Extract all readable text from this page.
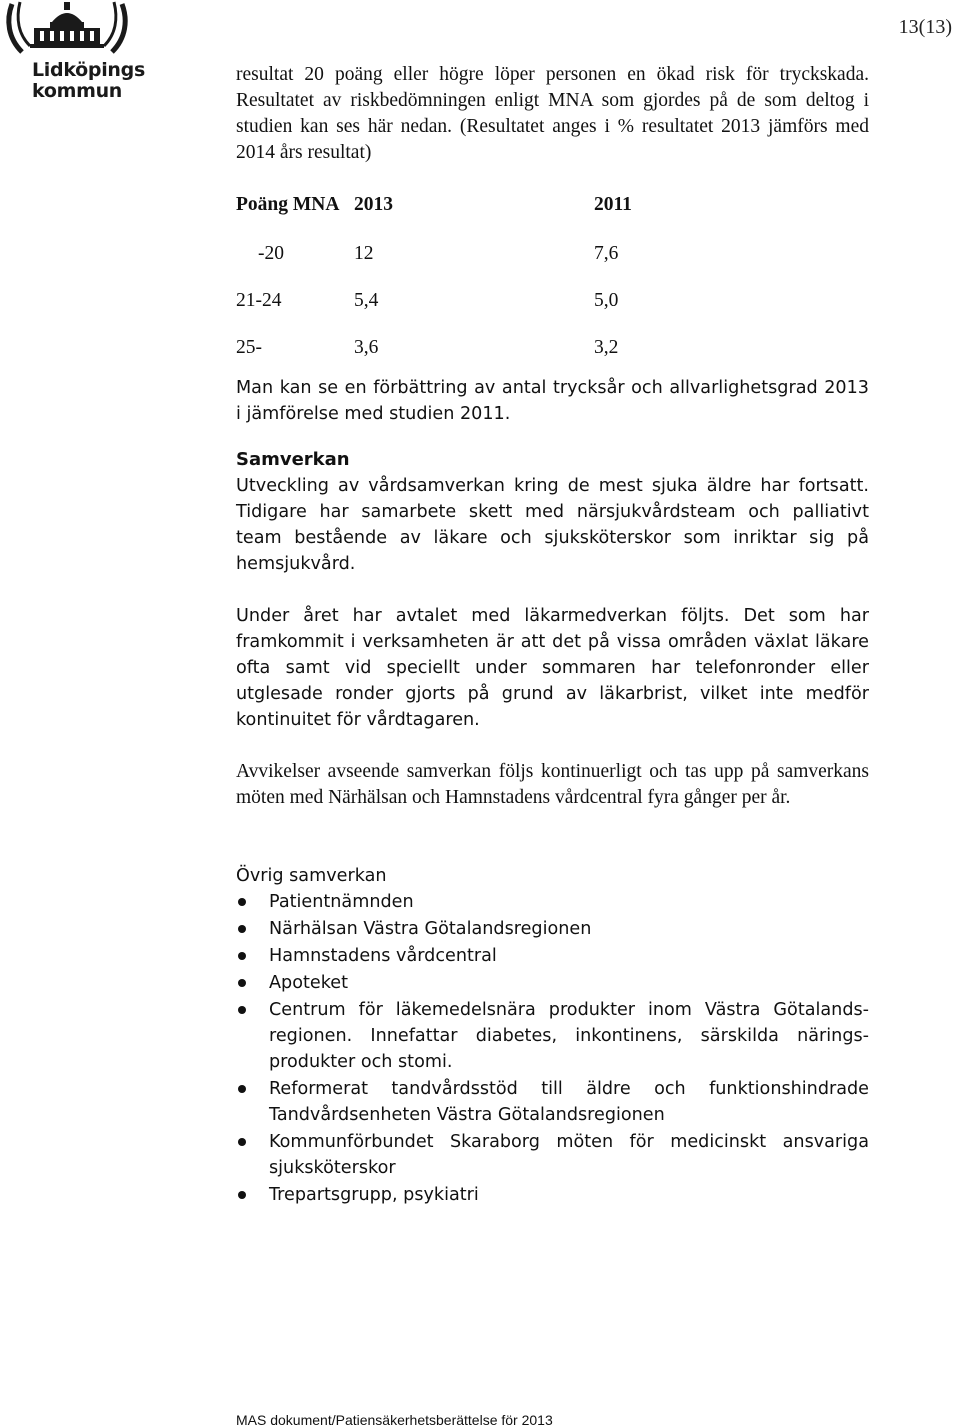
Lidköpings
kommun
13(13)

resultat 20 poäng eller högre löper personen en ökad risk för tryckskada. Resultatet av riskbedömningen enligt MNA som gjordes på de som deltog i studien kan ses här nedan. (Resultatet anges i % resultatet 2013 jämförs med 2014 års resultat)

Poäng MNA	2013	2011
-20	12	7,6
21-24	5,4	5,0
25-	3,6	3,2

Man kan se en förbättring av antal trycksår och allvarlighetsgrad 2013 i jämförelse med studien 2011.

Samverkan

Utveckling av vårdsamverkan kring de mest sjuka äldre har fortsatt. Tidigare har samarbete skett med närsjukvårdsteam och palliativt team bestående av läkare och sjuksköterskor som inriktar sig på hemsjukvård.

Under året har avtalet med läkarmedverkan följts. Det som har framkommit i verksamheten är att det på vissa områden växlat läkare ofta samt vid speciellt under sommaren har telefonronder eller utglesade ronder gjorts på grund av läkarbrist, vilket inte medför kontinuitet för vårdtagaren.

Avvikelser avseende samverkan följs kontinuerligt och tas upp på samverkans möten med Närhälsan och Hamnstadens vårdcentral fyra gånger per år.

Övrig samverkan
Patientnämnden
Närhälsan Västra Götalandsregionen
Hamnstadens vårdcentral
Apoteket
Centrum för läkemedelsnära produkter inom Västra Götalands-regionen. Innefattar diabetes, inkontinens, särskilda närings-produkter och stomi.
Reformerat tandvårdsstöd till äldre och funktionshindrade Tandvårdsenheten Västra Götalandsregionen
Kommunförbundet Skaraborg möten för medicinskt ansvariga sjuksköterskor
Trepartsgrupp, psykiatri
MAS dokument/Patiensäkerhetsberättelse för 2013
